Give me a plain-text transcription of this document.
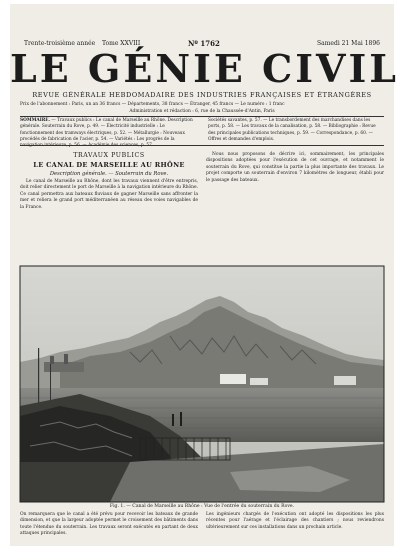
Trente-troisième année Tome XXVIII	Nº 1762	Samedi 21 Mai 1896
LE GÉNIE CIVIL
REVUE GÉNÉRALE HEBDOMADAIRE DES INDUSTRIES FRANÇAISES ET ÉTRANGÈRES
Prix de l'abonnement : Paris, un an 36 francs — Départements, 38 francs — Étranger, 45 francs — Le numéro : 1 franc
Administration et rédaction : 6, rue de la Chaussée-d'Antin, Paris
SOMMAIRE. — Travaux publics : Le canal de Marseille au Rhône. Description générale. Souterrain du Rove, p. 49. — Électricité industrielle : Le fonctionnement des tramways électriques, p. 52. — Métallurgie : Nouveaux procédés de fabrication de l'acier, p. 54. — Variétés : Les progrès de la navigation intérieure, p. 56. — Académie des sciences, p. 57.
Sociétés savantes, p. 57. — Le transbordement des marchandises dans les ports, p. 58. — Les travaux de la canalisation, p. 58. — Bibliographie : Revue des principales publications techniques, p. 59. — Correspondance, p. 60. — Offres et demandes d'emplois.
TRAVAUX PUBLICS
LE CANAL DE MARSEILLE AU RHÔNE
Description générale. — Souterrain du Rove.
Le canal de Marseille au Rhône, dont les travaux viennent d'être entrepris, doit relier directement le port de Marseille à la navigation intérieure du Rhône. Ce canal permettra aux bateaux fluviaux de gagner Marseille sans affronter la mer et reliera le grand port méditerranéen au réseau des voies navigables de la France.
Nous nous proposons de décrire ici, sommairement, les principales dispositions adoptées pour l'exécution de cet ouvrage, et notamment le souterrain du Rove, qui constitue la partie la plus importante des travaux. Le projet comporte un souterrain d'environ 7 kilomètres de longueur, établi pour le passage des bateaux.
Fig. 1. — Canal de Marseille au Rhône : Vue de l'entrée du souterrain du Rove.
On remarquera que le canal a été prévu pour recevoir les bateaux de grande dimension, et que la largeur adoptée permet le croisement des bâtiments dans toute l'étendue du souterrain. Les travaux seront exécutés en partant de deux attaques principales.
Les ingénieurs chargés de l'exécution ont adopté les dispositions les plus récentes pour l'aérage et l'éclairage des chantiers ; nous reviendrons ultérieurement sur ces installations dans un prochain article.
